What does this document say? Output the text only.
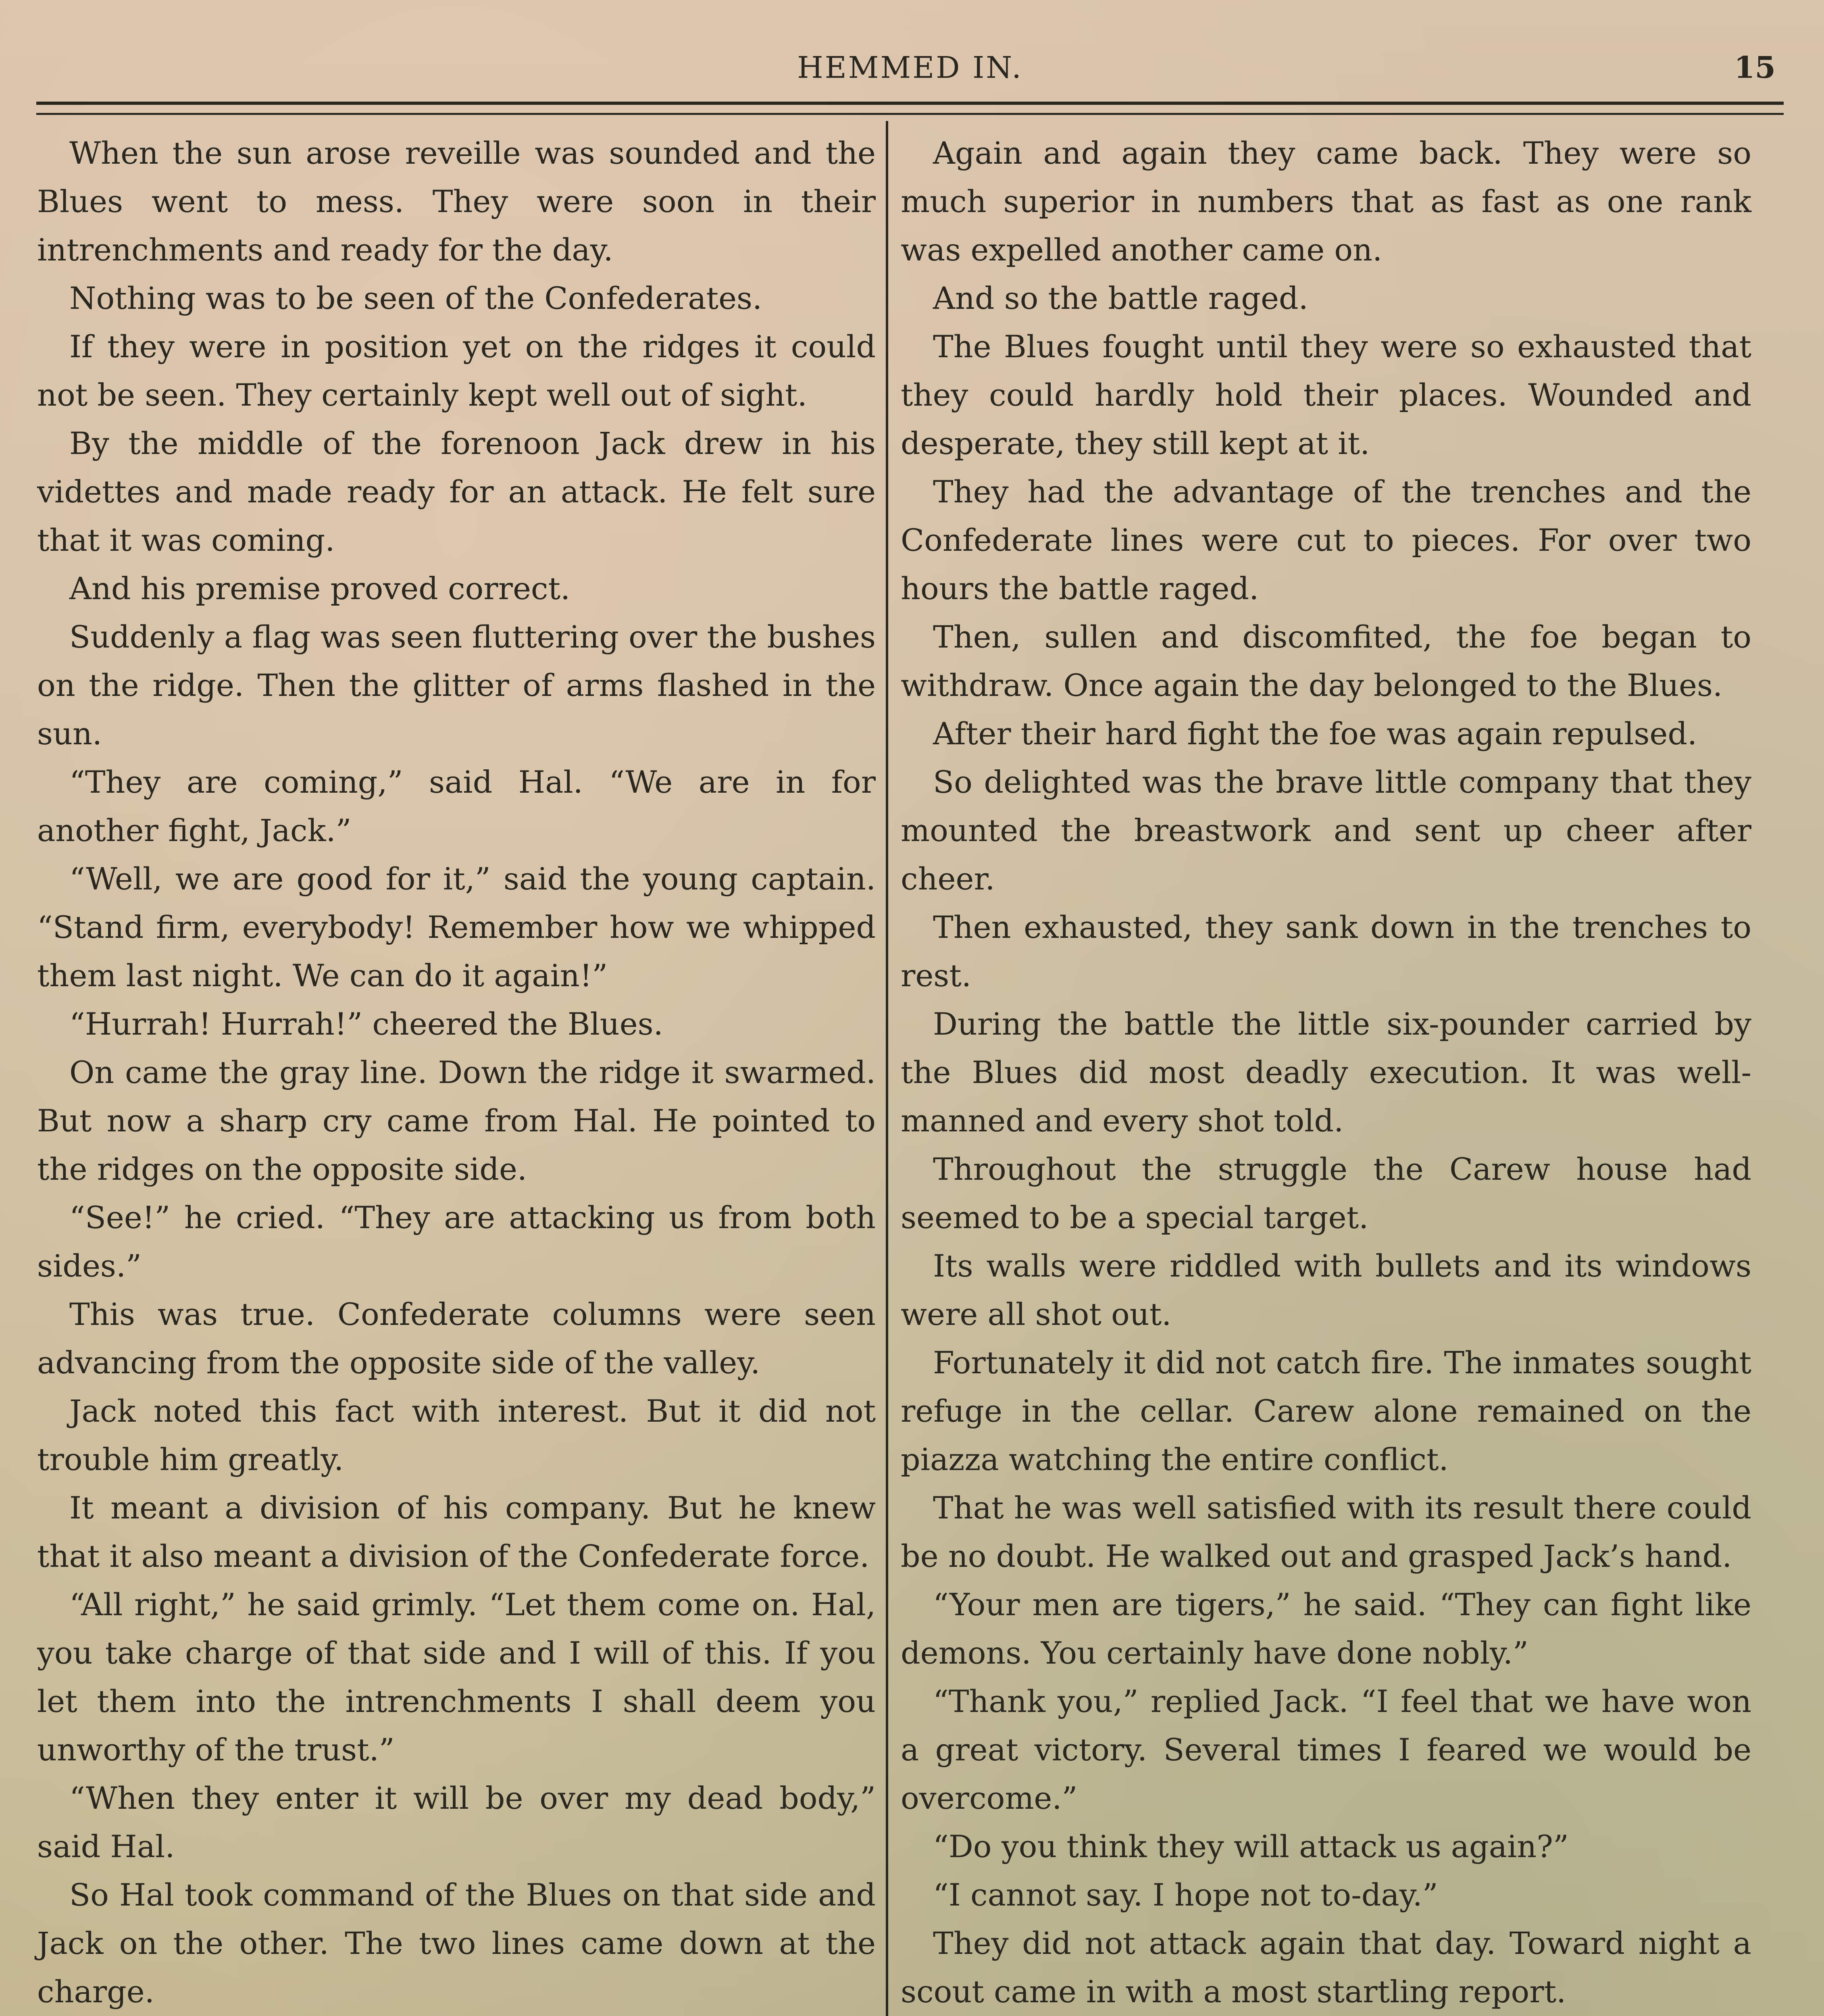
HEMMED IN.	15

When the sun arose reveille was sounded and the Blues went to mess. They were soon in their intrenchments and ready for the day.

Nothing was to be seen of the Confederates.

If they were in position yet on the ridges it could not be seen. They certainly kept well out of sight.

By the middle of the forenoon Jack drew in his videttes and made ready for an attack. He felt sure that it was coming.

And his premise proved correct.

Suddenly a flag was seen fluttering over the bushes on the ridge. Then the glitter of arms flashed in the sun.

“They are coming,” said Hal. “We are in for another fight, Jack.”

“Well, we are good for it,” said the young captain. “Stand firm, everybody! Remember how we whipped them last night. We can do it again!”

“Hurrah! Hurrah!” cheered the Blues.

On came the gray line. Down the ridge it swarmed. But now a sharp cry came from Hal. He pointed to the ridges on the opposite side.

“See!” he cried. “They are attacking us from both sides.”

This was true. Confederate columns were seen advancing from the opposite side of the valley.

Jack noted this fact with interest. But it did not trouble him greatly.

It meant a division of his company. But he knew that it also meant a division of the Confederate force.

“All right,” he said grimly. “Let them come on. Hal, you take charge of that side and I will of this. If you let them into the intrenchments I shall deem you unworthy of the trust.”

“When they enter it will be over my dead body,” said Hal.

So Hal took command of the Blues on that side and Jack on the other. The two lines came down at the charge.

Again and again they came back. They were so much superior in numbers that as fast as one rank was expelled another came on.

And so the battle raged.

The Blues fought until they were so exhausted that they could hardly hold their places. Wounded and desperate, they still kept at it.

They had the advantage of the trenches and the Confederate lines were cut to pieces. For over two hours the battle raged.

Then, sullen and discomfited, the foe began to withdraw. Once again the day belonged to the Blues.

After their hard fight the foe was again repulsed.

So delighted was the brave little company that they mounted the breastwork and sent up cheer after cheer.

Then exhausted, they sank down in the trenches to rest.

During the battle the little six-pounder carried by the Blues did most deadly execution. It was well-manned and every shot told.

Throughout the struggle the Carew house had seemed to be a special target.

Its walls were riddled with bullets and its windows were all shot out.

Fortunately it did not catch fire. The inmates sought refuge in the cellar. Carew alone remained on the piazza watching the entire conflict.

That he was well satisfied with its result there could be no doubt. He walked out and grasped Jack’s hand.

“Your men are tigers,” he said. “They can fight like demons. You certainly have done nobly.”

“Thank you,” replied Jack. “I feel that we have won a great victory. Several times I feared we would be overcome.”

“Do you think they will attack us again?”

“I cannot say. I hope not to-day.”

They did not attack again that day. Toward night a scout came in with a most startling report.
